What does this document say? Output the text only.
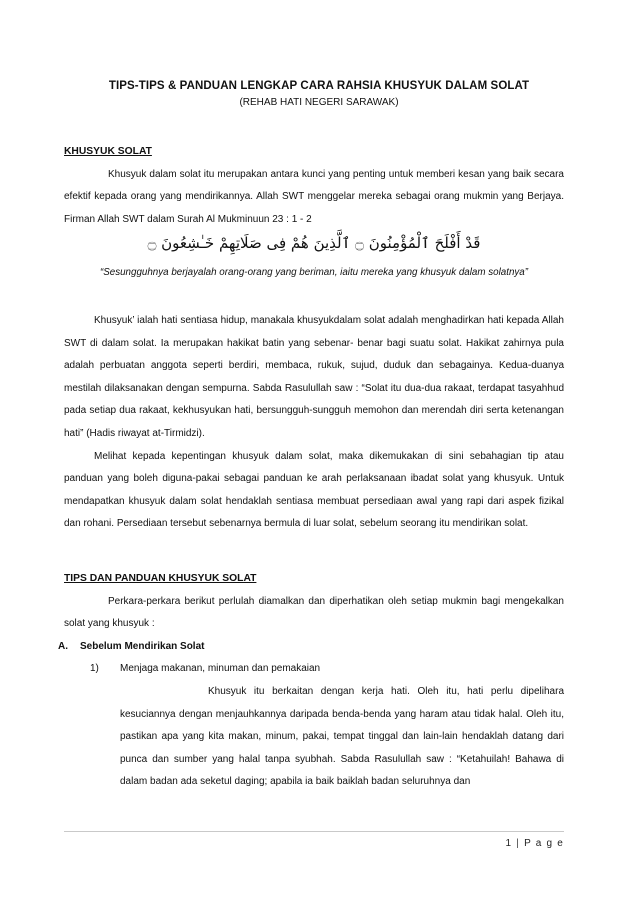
TIPS-TIPS & PANDUAN LENGKAP CARA RAHSIA KHUSYUK DALAM SOLAT
(REHAB HATI NEGERI SARAWAK)
KHUSYUK SOLAT
Khusyuk dalam solat itu merupakan antara kunci yang penting untuk memberi kesan yang baik secara efektif kepada orang yang mendirikannya. Allah SWT menggelar mereka sebagai orang mukmin yang Berjaya. Firman Allah SWT dalam Surah Al Mukminuun 23 : 1 - 2
قَدْ أَفْلَحَ ٱلْمُؤْمِنُونَ ۝ ٱلَّذِينَ هُمْ فِى صَلَاتِهِمْ خَـٰشِعُونَ ۝
“Sesungguhnya berjayalah orang-orang yang beriman, iaitu mereka yang khusyuk dalam solatnya”
Khusyuk’ ialah hati sentiasa hidup, manakala khusyukdalam solat adalah menghadirkan hati kepada Allah SWT di dalam solat. Ia merupakan hakikat batin yang sebenar- benar bagi suatu solat. Hakikat zahirnya pula adalah perbuatan anggota seperti berdiri, membaca, rukuk, sujud, duduk dan sebagainya. Kedua-duanya mestilah dilaksanakan dengan sempurna. Sabda Rasulullah saw : “Solat itu dua-dua rakaat, terdapat tasyahhud pada setiap dua rakaat, kekhusyukan hati, bersungguh-sungguh memohon dan merendah diri serta ketenangan hati” (Hadis riwayat at-Tirmidzi).
Melihat kepada kepentingan khusyuk dalam solat, maka dikemukakan di sini sebahagian tip atau panduan yang boleh diguna-pakai sebagai panduan ke arah perlaksanaan ibadat solat yang khusyuk. Untuk mendapatkan khusyuk dalam solat hendaklah sentiasa membuat persediaan awal yang rapi dari aspek fizikal dan rohani. Persediaan tersebut sebenarnya bermula di luar solat, sebelum seorang itu mendirikan solat.
TIPS DAN PANDUAN KHUSYUK SOLAT
Perkara-perkara berikut perlulah diamalkan dan diperhatikan oleh setiap mukmin bagi mengekalkan solat yang khusyuk :
A. Sebelum Mendirikan Solat
1) Menjaga makanan, minuman dan pemakaian
Khusyuk itu berkaitan dengan kerja hati. Oleh itu, hati perlu dipelihara kesuciannya dengan menjauhkannya daripada benda-benda yang haram atau tidak halal. Oleh itu, pastikan apa yang kita makan, minum, pakai, tempat tinggal dan lain-lain hendaklah datang dari punca dan sumber yang halal tanpa syubhah. Sabda Rasulullah saw : “Ketahuilah! Bahawa di dalam badan ada seketul daging; apabila ia baik baiklah badan seluruhnya dan
1 | P a g e
